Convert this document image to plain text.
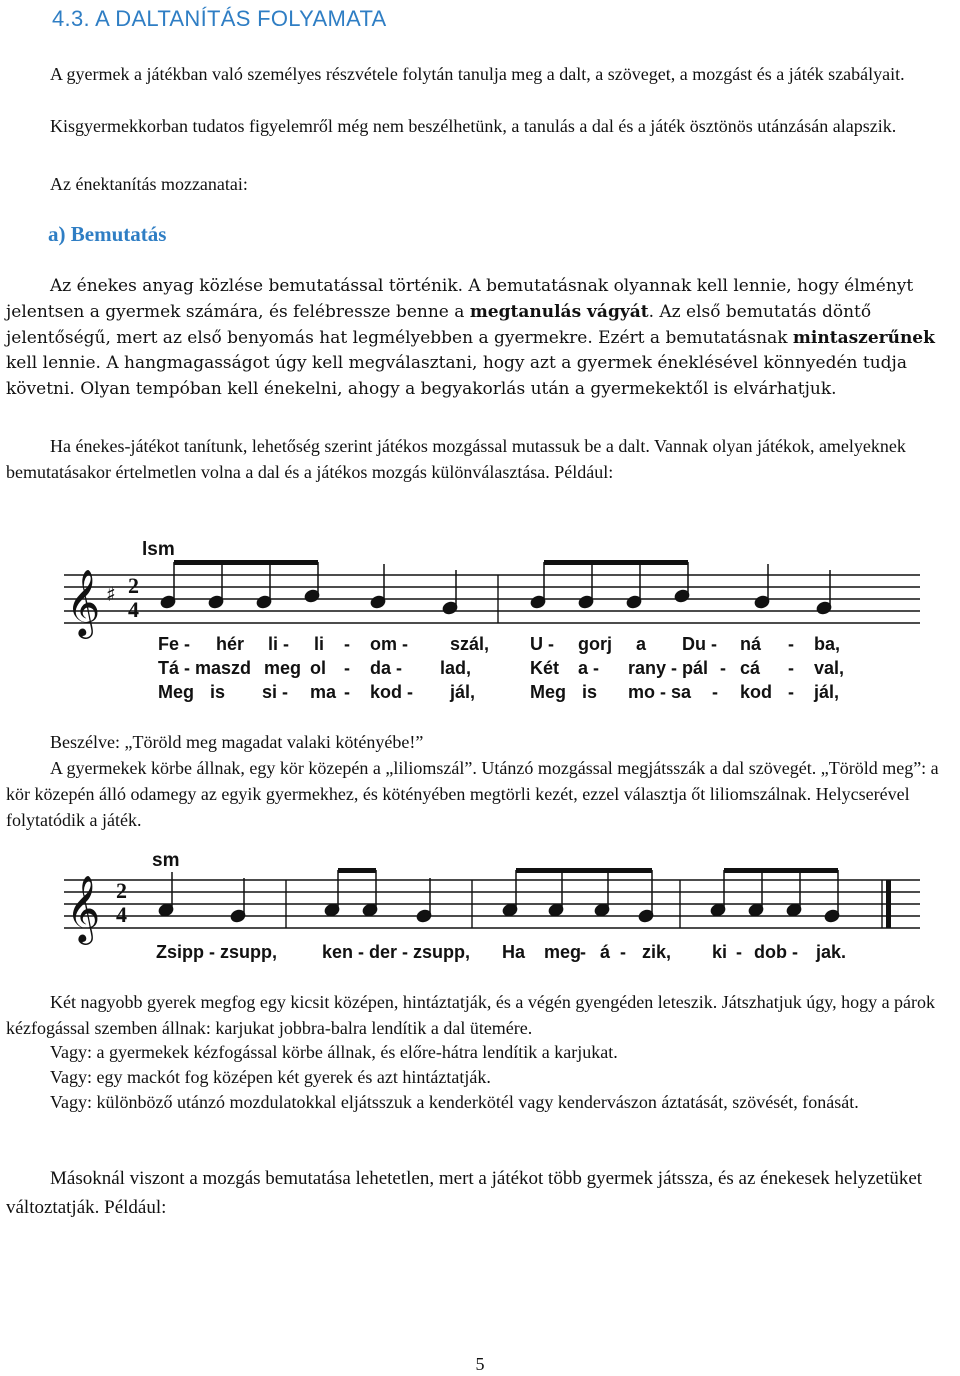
4.3. A DALTANÍTÁS FOLYAMATA

A gyermek a játékban való személyes részvétele folytán tanulja meg a dalt, a szöveget, a mozgást és a játék szabályait.

Kisgyermekkorban tudatos figyelemről még nem beszélhetünk, a tanulás a dal és a játék ösztönös utánzásán alapszik.

Az énektanítás mozzanatai:

a) Bemutatás

Az énekes anyag közlése bemutatással történik. A bemutatásnak olyannak kell lennie, hogy élményt jelentsen a gyermek számára, és felébressze benne a megtanulás vágyát. Az első bemutatás döntő jelentőségű, mert az első benyomás hat legmélyebben a gyermekre. Ezért a bemutatásnak mintaszerűnek kell lennie. A hangmagasságot úgy kell megválasztani, hogy azt a gyermek éneklésével könnyedén tudja követni. Olyan tempóban kell énekelni, ahogy a begyakorlás után a gyermekektől is elvárhatjuk.

Ha énekes-játékot tanítunk, lehetőség szerint játékos mozgással mutassuk be a dalt. Vannak olyan játékok, amelyeknek bemutatásakor értelmetlen volna a dal és a játékos mozgás különválasztása. Például:

lsm
𝄞 ♯ 2
4
Fe - hér li - li - om - szál, U - gorj a Du - ná - ba,
Tá - maszd meg ol - da - lad,	Két a - rany - pál - cá - val,
Meg is si - ma - kod - jál,	Meg is mo - sa - kod - jál,

Beszélve: „Töröld meg magadat valaki kötényébe!”

A gyermekek körbe állnak, egy kör közepén a „liliomszál”. Utánzó mozgással megjátsszák a dal szövegét. „Töröld meg”: a kör közepén álló odamegy az egyik gyermekhez, és kötényében megtörli kezét, ezzel választja őt liliomszálnak. Helycserével folytatódik a játék.

sm
𝄞 2
4
Zsipp - zsupp,	ken - der - zsupp, Ha meg
- á - zik, ki - dob - jak.

Két nagyobb gyerek megfog egy kicsit középen, hintáztatják, és a végén gyengéden leteszik. Játszhatjuk úgy, hogy a párok kézfogással szemben állnak: karjukat jobbra-balra lendítik a dal ütemére.

Vagy: a gyermekek kézfogással körbe állnak, és előre-hátra lendítik a karjukat.

Vagy: egy mackót fog középen két gyerek és azt hintáztatják.

Vagy: különböző utánzó mozdulatokkal eljátsszuk a kenderkötél vagy kendervászon áztatását, szövését, fonását.

Másoknál viszont a mozgás bemutatása lehetetlen, mert a játékot több gyermek játssza, és az énekesek helyzetüket változtatják. Például:

5
